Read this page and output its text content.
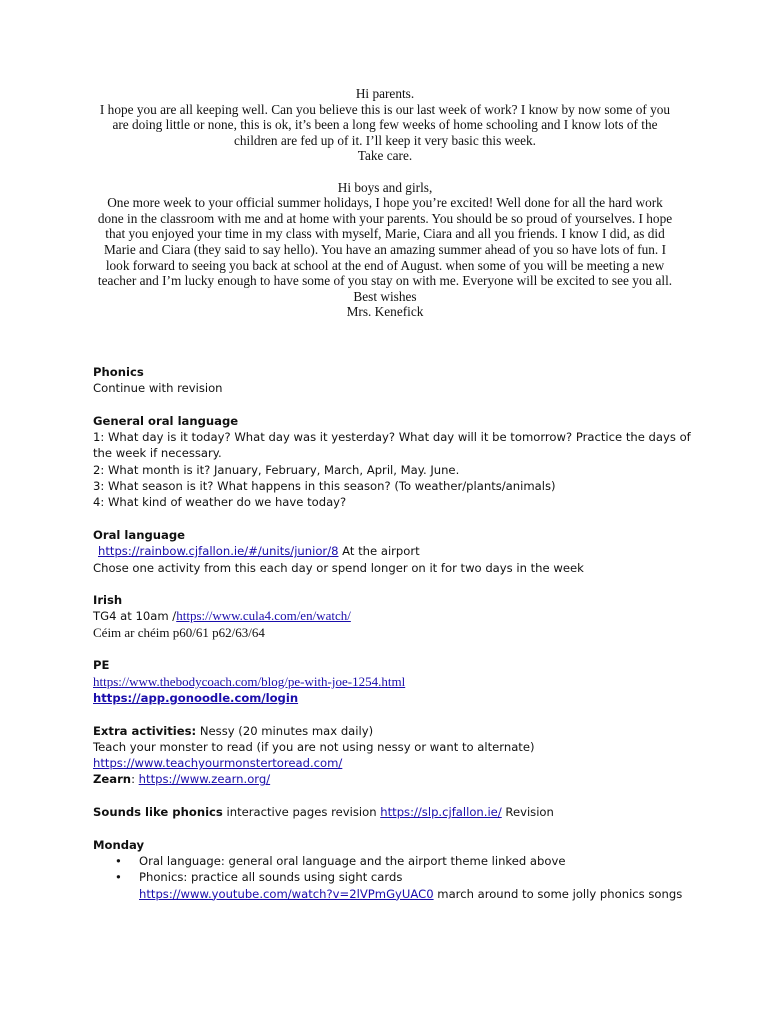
Hi parents.

I hope you are all keeping well. Can you believe this is our last week of work? I know by now some of you are doing little or none, this is ok, it’s been a long few weeks of home schooling and I know lots of the children are fed up of it. I’ll keep it very basic this week.

Take care.

Hi boys and girls,

One more week to your official summer holidays, I hope you’re excited! Well done for all the hard work done in the classroom with me and at home with your parents. You should be so proud of yourselves. I hope that you enjoyed your time in my class with myself, Marie, Ciara and all you friends. I know I did, as did Marie and Ciara (they said to say hello). You have an amazing summer ahead of you so have lots of fun. I look forward to seeing you back at school at the end of August. when some of you will be meeting a new teacher and I’m lucky enough to have some of you stay on with me. Everyone will be excited to see you all.

Best wishes

Mrs. Kenefick

Phonics

Continue with revision

General oral language

1: What day is it today? What day was it yesterday? What day will it be tomorrow? Practice the days of the week if necessary.

2: What month is it? January, February, March, April, May. June.

3: What season is it? What happens in this season? (To weather/plants/animals)

4: What kind of weather do we have today?

Oral language

https://rainbow.cjfallon.ie/#/units/junior/8 At the airport

Chose one activity from this each day or spend longer on it for two days in the week

Irish

TG4 at 10am /https://www.cula4.com/en/watch/

Céim ar chéim p60/61 p62/63/64

PE

https://www.thebodycoach.com/blog/pe-with-joe-1254.html

https://app.gonoodle.com/login

Extra activities: Nessy (20 minutes max daily)

Teach your monster to read (if you are not using nessy or want to alternate)

https://www.teachyourmonstertoread.com/

Zearn: https://www.zearn.org/

Sounds like phonics interactive pages revision https://slp.cjfallon.ie/ Revision

Monday

• Oral language: general oral language and the airport theme linked above
• Phonics: practice all sounds using sight cards
https://www.youtube.com/watch?v=2lVPmGyUAC0 march around to some jolly phonics songs
